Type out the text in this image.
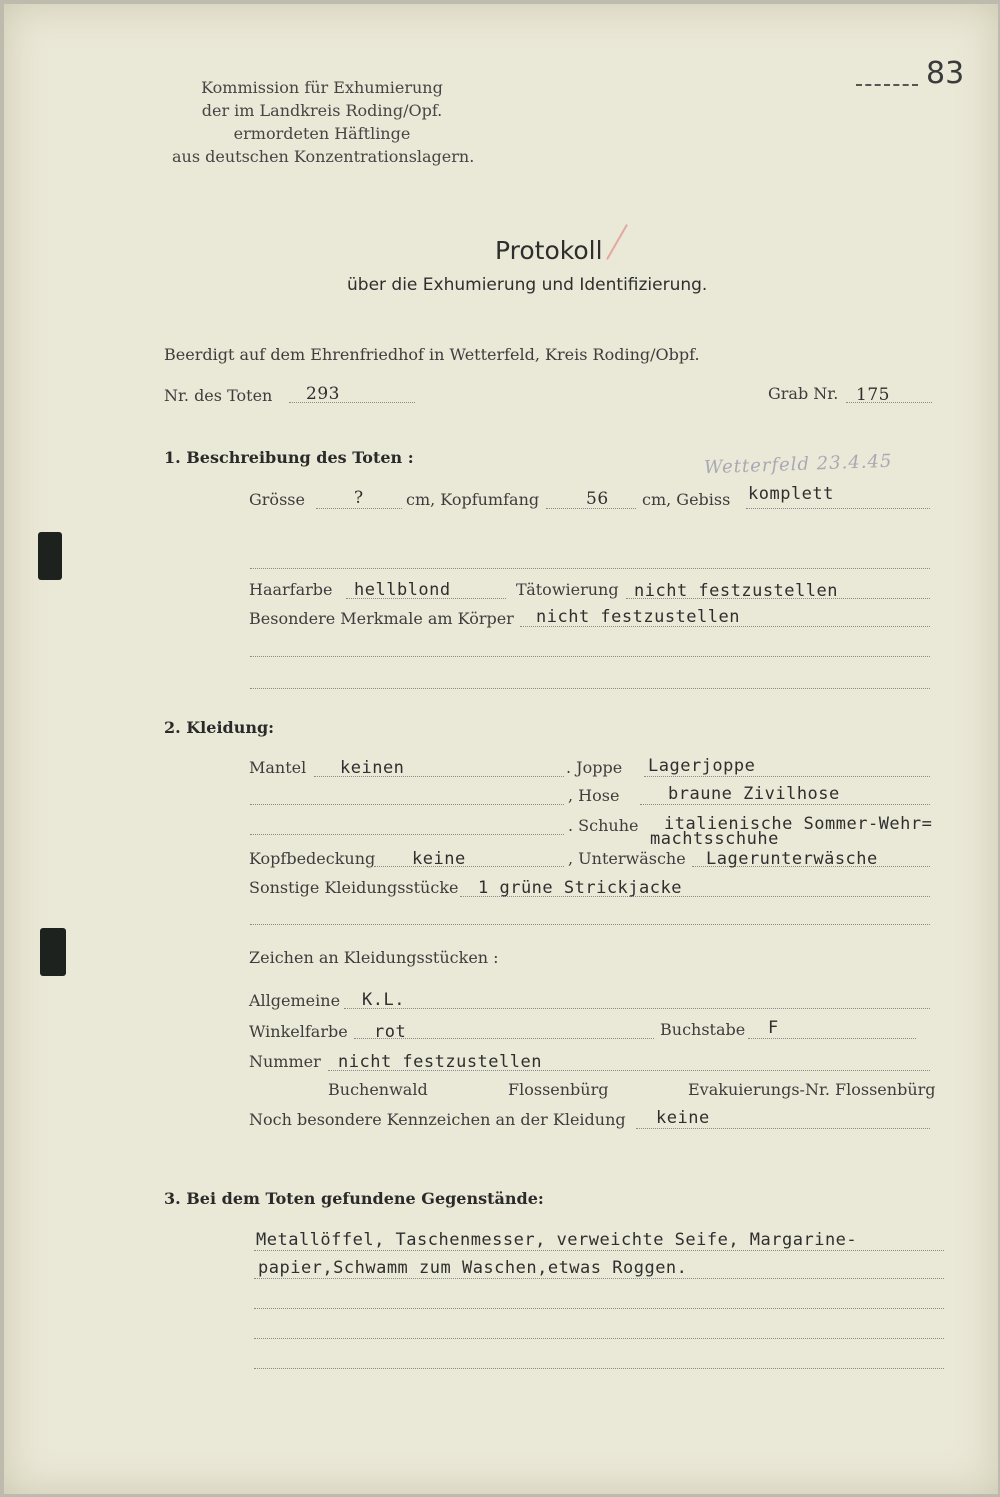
83
Kommission für Exhumierung
der im Landkreis Roding/Opf.
ermordeten Häftlinge
aus deutschen Konzentrationslagern.
Protokoll
über die Exhumierung und Identifizierung.
Beerdigt auf dem Ehrenfriedhof in Wetterfeld, Kreis Roding/Obpf.
Nr. des Toten 293	Grab Nr. 175
1. Beschreibung des Toten :	Wetterfeld 23.4.45
Grösse	?	cm, Kopfumfang	56 cm, Gebiss komplett
Haarfarbe hellblond	Tätowierung nicht festzustellen
Besondere Merkmale am Körper nicht festzustellen
2. Kleidung:
Mantel keinen	. Joppe Lagerjoppe
, Hose	braune Zivilhose
. Schuhe italienische Sommer-Wehr=
machtsschuhe
Kopfbedeckung keine	, Unterwäsche Lagerunterwäsche
Sonstige Kleidungsstücke 1 grüne Strickjacke
Zeichen an Kleidungsstücken :
Allgemeine K.L.
Winkelfarbe rot	Buchstabe F
Nummer nicht festzustellen
Buchenwald	Flossenbürg	Evakuierungs-Nr. Flossenbürg
Noch besondere Kennzeichen an der Kleidung keine
3. Bei dem Toten gefundene Gegenstände:
Metallöffel, Taschenmesser, verweichte Seife, Margarine-
papier,Schwamm zum Waschen,etwas Roggen.
